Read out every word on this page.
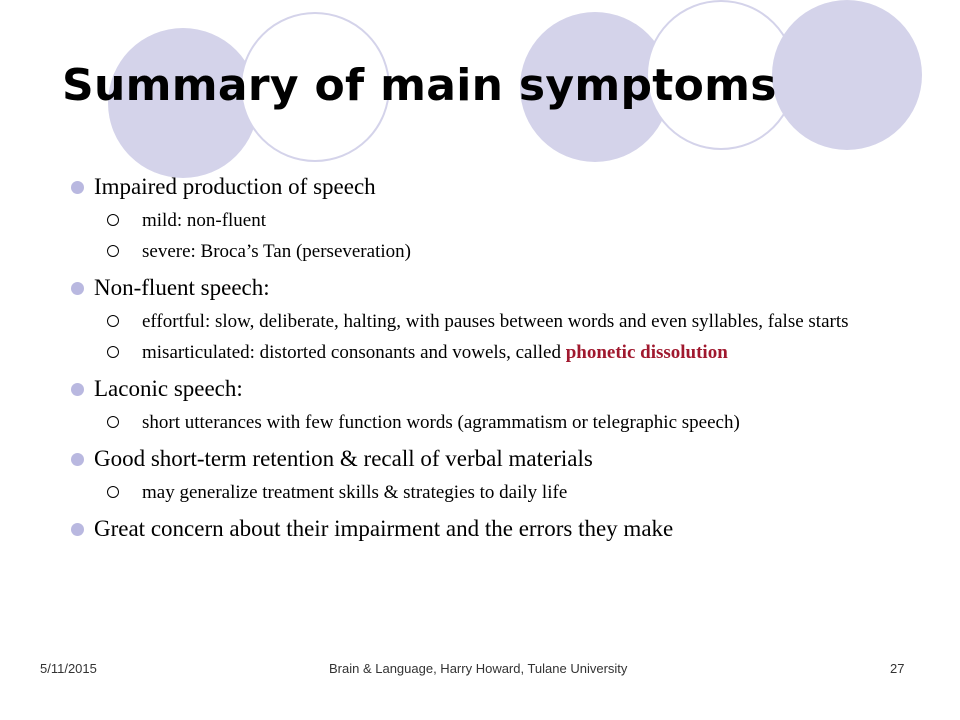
Summary of main symptoms
Impaired production of speech
mild: non-fluent
severe: Broca’s Tan (perseveration)
Non-fluent speech:
effortful: slow, deliberate, halting, with pauses between words and even syllables, false starts
misarticulated: distorted consonants and vowels, called phonetic dissolution
Laconic speech:
short utterances with few function words (agrammatism or telegraphic speech)
Good short-term retention & recall of verbal materials
may generalize treatment skills & strategies to daily life
Great concern about their impairment and the errors they make
5/11/2015	Brain & Language, Harry Howard, Tulane University	27
